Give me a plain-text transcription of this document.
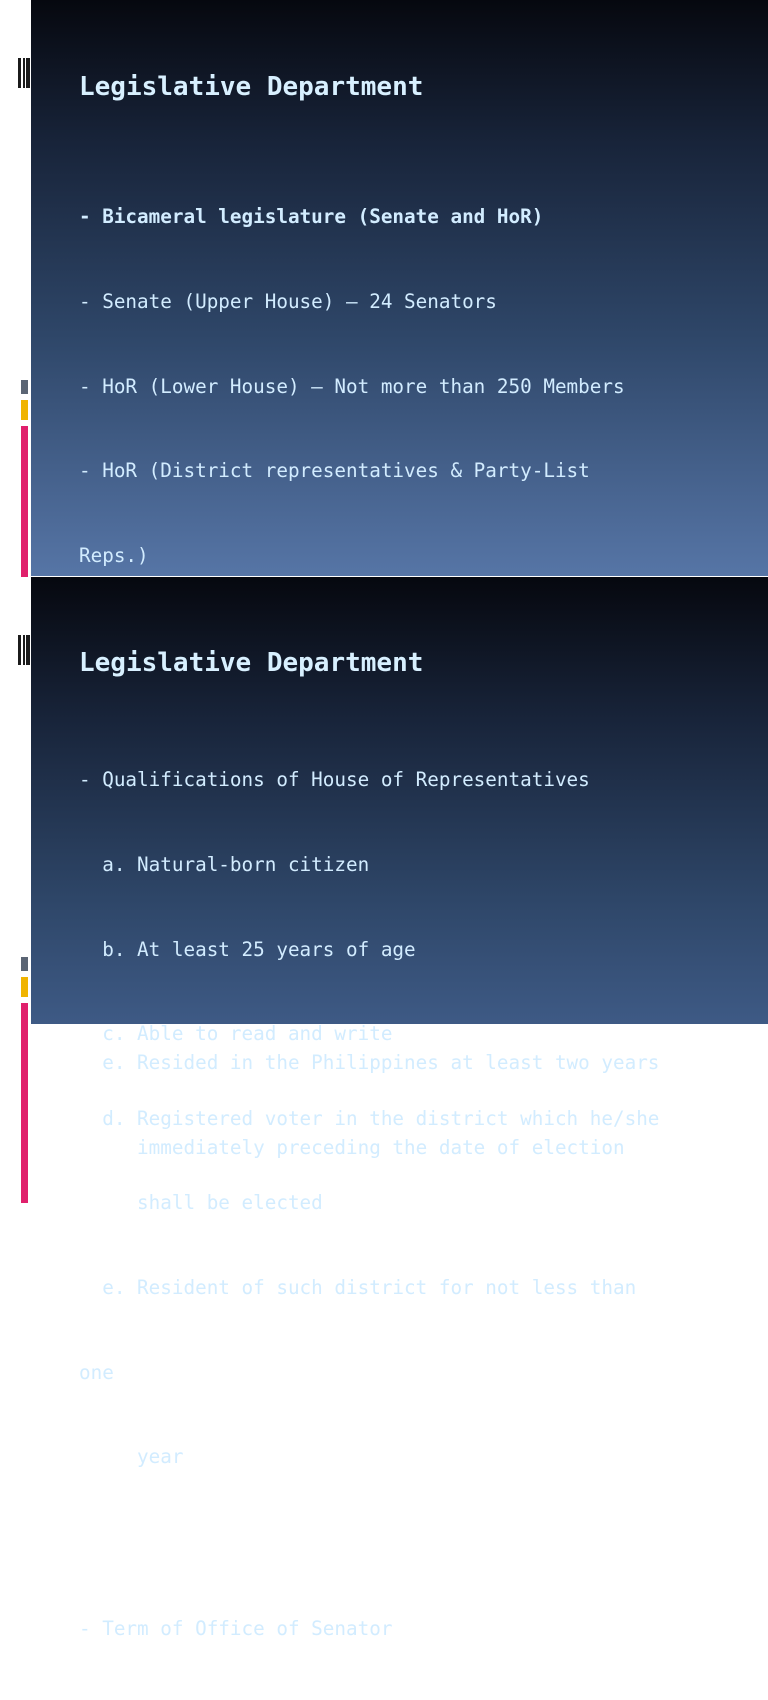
Legislative Department

- Bicameral legislature (Senate and HoR)

- Senate (Upper House) – 24 Senators

- HoR (Lower House) – Not more than 250 Members

- HoR (District representatives & Party-List

Reps.)

e. Resided in the Philippines at least two years

immediately preceding the date of election

Legislative Department

- Qualifications of House of Representatives

a. Natural-born citizen

b. At least 25 years of age

c. Able to read and write

d. Registered voter in the district which he/she

shall be elected

e. Resident of such district for not less than

one

year

- Term of Office of Senator
